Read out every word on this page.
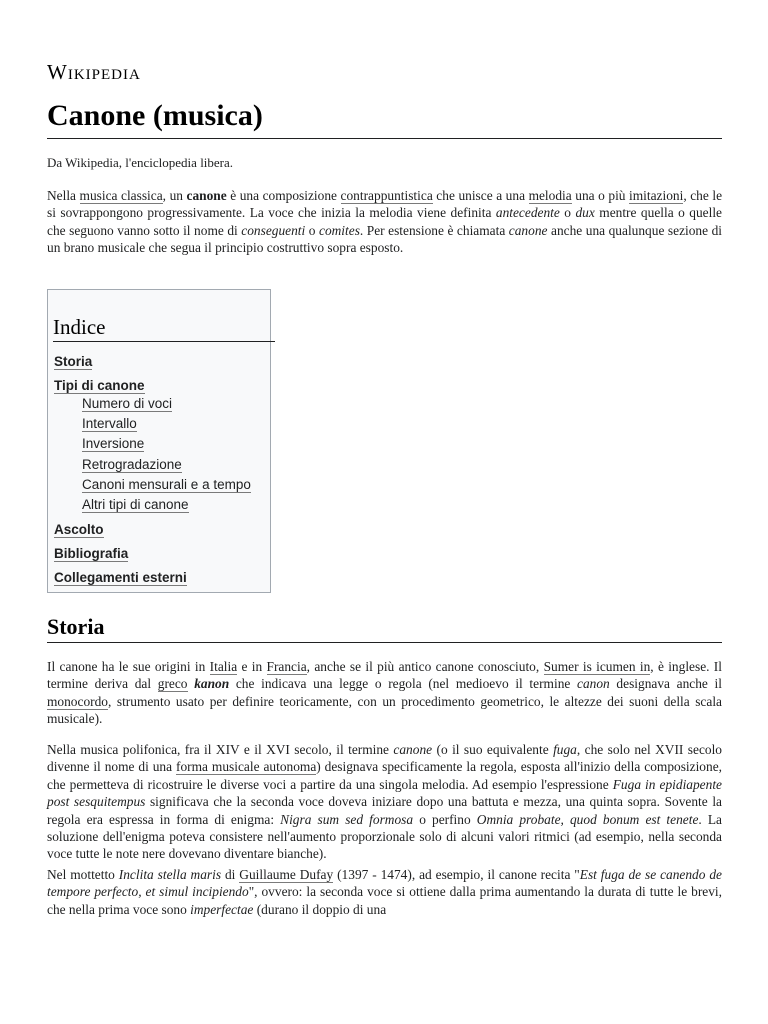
Wikipedia
Canone (musica)
Da Wikipedia, l'enciclopedia libera.

Nella musica classica, un canone è una composizione contrappuntistica che unisce a una melodia una o più imitazioni, che le si sovrappongono progressivamente. La voce che inizia la melodia viene definita antecedente o dux mentre quella o quelle che seguono vanno sotto il nome di conseguenti o comites. Per estensione è chiamata canone anche una qualunque sezione di un brano musicale che segua il principio costruttivo sopra esposto.

Indice
Storia
Tipi di canone
Numero di voci
Intervallo
Inversione
Retrogradazione
Canoni mensurali e a tempo
Altri tipi di canone
Ascolto
Bibliografia
Collegamenti esterni
Storia

Il canone ha le sue origini in Italia e in Francia, anche se il più antico canone conosciuto, Sumer is icumen in, è inglese. Il termine deriva dal greco kanon che indicava una legge o regola (nel medioevo il termine canon designava anche il monocordo, strumento usato per definire teoricamente, con un procedimento geometrico, le altezze dei suoni della scala musicale).

Nella musica polifonica, fra il XIV e il XVI secolo, il termine canone (o il suo equivalente fuga, che solo nel XVII secolo divenne il nome di una forma musicale autonoma) designava specificamente la regola, esposta all'inizio della composizione, che permetteva di ricostruire le diverse voci a partire da una singola melodia. Ad esempio l'espressione Fuga in epidiapente post sesquitempus significava che la seconda voce doveva iniziare dopo una battuta e mezza, una quinta sopra. Sovente la regola era espressa in forma di enigma: Nigra sum sed formosa o perfino Omnia probate, quod bonum est tenete. La soluzione dell'enigma poteva consistere nell'aumento proporzionale solo di alcuni valori ritmici (ad esempio, nella seconda voce tutte le note nere dovevano diventare bianche).

Nel mottetto Inclita stella maris di Guillaume Dufay (1397 - 1474), ad esempio, il canone recita "Est fuga de se canendo de tempore perfecto, et simul incipiendo", ovvero: la seconda voce si ottiene dalla prima aumentando la durata di tutte le brevi, che nella prima voce sono imperfectae (durano il doppio di una
